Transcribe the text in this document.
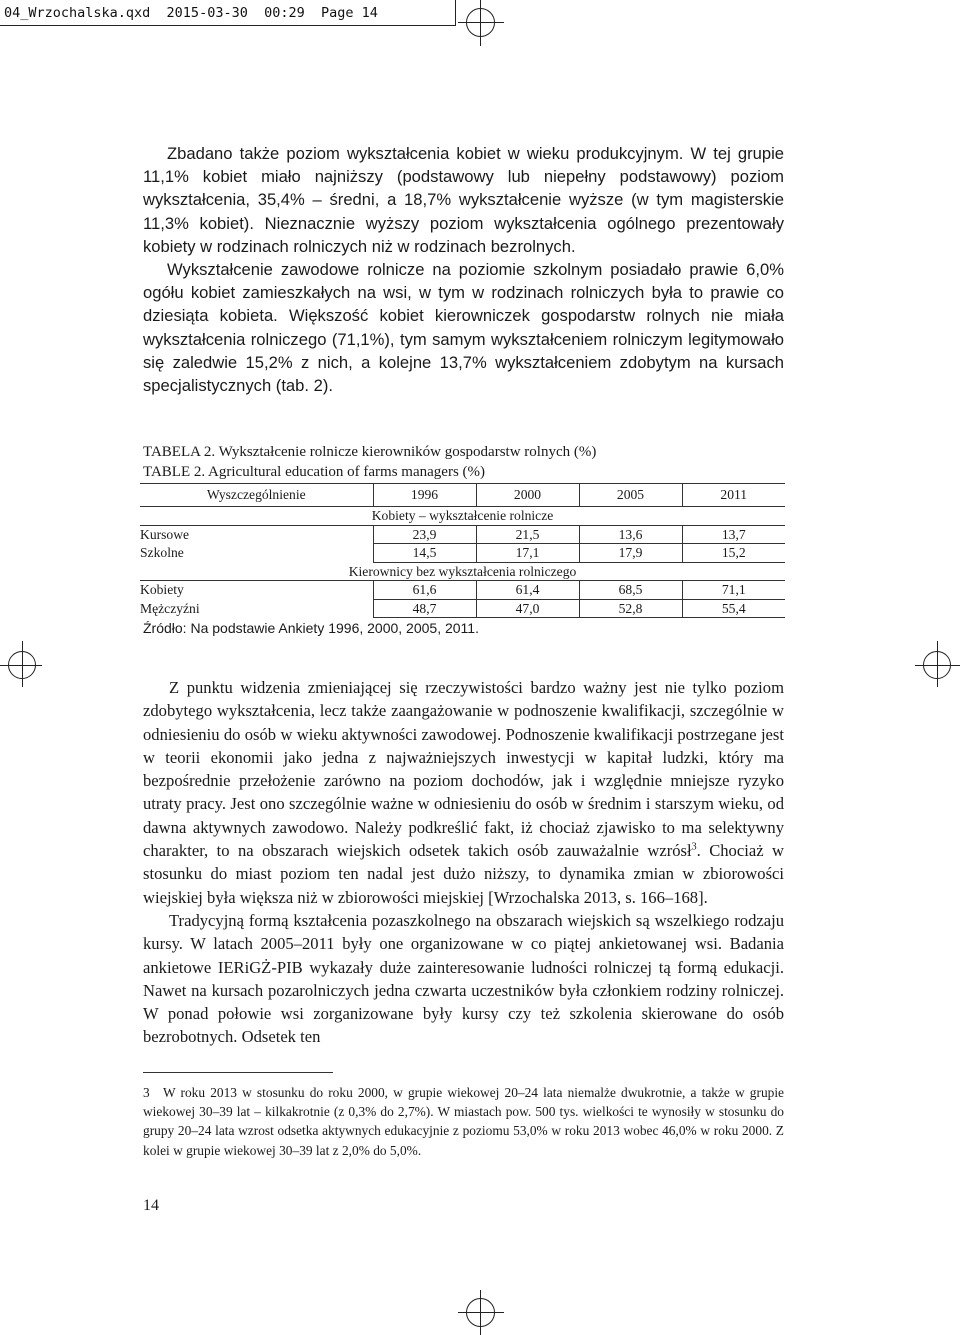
04_Wrzochalska.qxd  2015-03-30  00:29  Page 14

Zbadano także poziom wykształcenia kobiet w wieku produkcyjnym. W tej grupie 11,1% kobiet miało najniższy (podstawowy lub niepełny podstawowy) poziom wykształcenia, 35,4% – średni, a 18,7% wykształcenie wyższe (w tym magisterskie 11,3% kobiet). Nieznacznie wyższy poziom wykształcenia ogólnego prezentowały kobiety w rodzinach rolniczych niż w rodzinach bezrolnych.

Wykształcenie zawodowe rolnicze na poziomie szkolnym posiadało prawie 6,0% ogółu kobiet zamieszkałych na wsi, w tym w rodzinach rolniczych była to prawie co dziesiąta kobieta. Większość kobiet kierowniczek gospodarstw rolnych nie miała wykształcenia rolniczego (71,1%), tym samym wykształceniem rolniczym legitymowało się zaledwie 15,2% z nich, a kolejne 13,7% wykształceniem zdobytym na kursach specjalistycznych (tab. 2).

TABELA 2. Wykształcenie rolnicze kierowników gospodarstw rolnych (%)
TABLE 2. Agricultural education of farms managers (%)
Wyszczególnienie	1996	2000	2005	2011
Kobiety – wykształcenie rolnicze				
Kursowe	23,9	21,5	13,6	13,7
Szkolne	14,5	17,1	17,9	15,2
Kierownicy bez wykształcenia rolniczego				
Kobiety	61,6	61,4	68,5	71,1
Mężczyźni	48,7	47,0	52,8	55,4
Źródło: Na podstawie Ankiety 1996, 2000, 2005, 2011.

Z punktu widzenia zmieniającej się rzeczywistości bardzo ważny jest nie tylko poziom zdobytego wykształcenia, lecz także zaangażowanie w podnoszenie kwalifikacji, szczególnie w odniesieniu do osób w wieku aktywności zawodowej. Podnoszenie kwalifikacji postrzegane jest w teorii ekonomii jako jedna z najważniejszych inwestycji w kapitał ludzki, który ma bezpośrednie przełożenie zarówno na poziom dochodów, jak i względnie mniejsze ryzyko utraty pracy. Jest ono szczególnie ważne w odniesieniu do osób w średnim i starszym wieku, od dawna aktywnych zawodowo. Należy podkreślić fakt, iż chociaż zjawisko to ma selektywny charakter, to na obszarach wiejskich odsetek takich osób zauważalnie wzrósł$^3$. Chociaż w stosunku do miast poziom ten nadal jest dużo niższy, to dynamika zmian w zbiorowości wiejskiej była większa niż w zbiorowości miejskiej [Wrzochalska 2013, s. 166–168].

Tradycyjną formą kształcenia pozaszkolnego na obszarach wiejskich są wszelkiego rodzaju kursy. W latach 2005–2011 były one organizowane w co piątej ankietowanej wsi. Badania ankietowe IERiGŻ-PIB wykazały duże zainteresowanie ludności rolniczej tą formą edukacji. Nawet na kursach pozarolniczych jedna czwarta uczestników była członkiem rodziny rolniczej. W ponad połowie wsi zorganizowane były kursy czy też szkolenia skierowane do osób bezrobotnych. Odsetek ten

3 W roku 2013 w stosunku do roku 2000, w grupie wiekowej 20–24 lata niemalże dwukrotnie, a także w grupie wiekowej 30–39 lat – kilkakrotnie (z 0,3% do 2,7%). W miastach pow. 500 tys. wielkości te wynosiły w stosunku do grupy 20–24 lata wzrost odsetka aktywnych edukacyjnie z poziomu 53,0% w roku 2013 wobec 46,0% w roku 2000. Z kolei w grupie wiekowej 30–39 lat z 2,0% do 5,0%.
14
